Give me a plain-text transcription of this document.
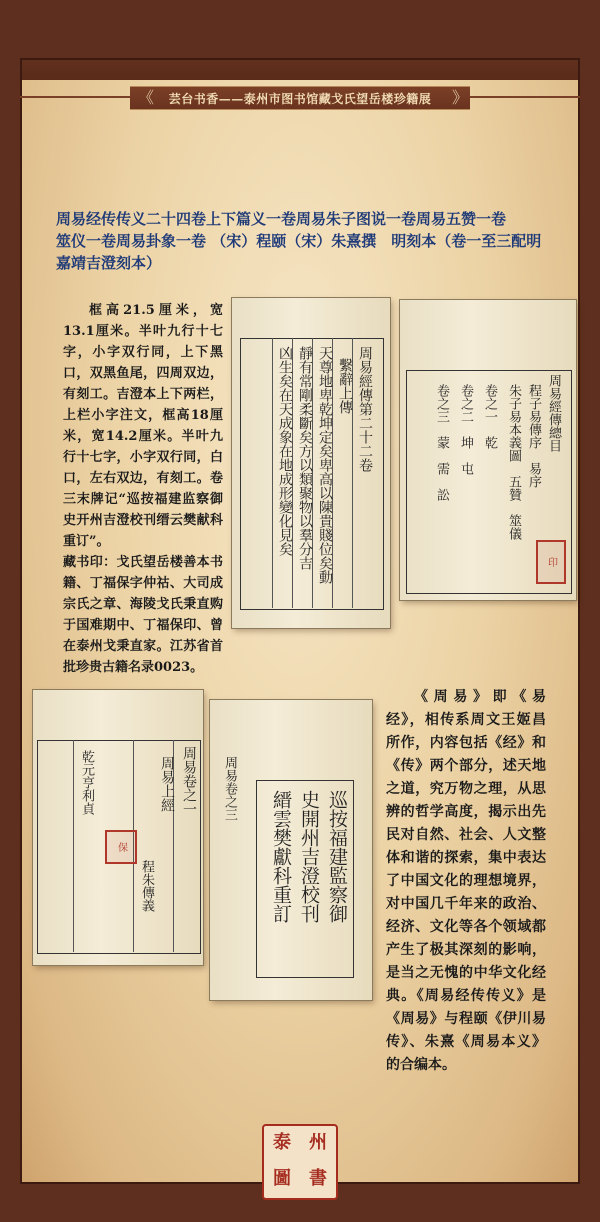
《 芸台书香——泰州市图书馆藏戈氏望岳楼珍籍展 》

周易经传传义二十四卷上下篇义一卷周易朱子图说一卷周易五赞一卷

筮仪一卷周易卦象一卷 （宋）程颐（宋）朱熹撰　明刻本（卷一至三配明

嘉靖吉澄刻本）

框高21.5厘米，宽13.1厘米。半叶九行十七字，小字双行同，上下黑口，双黑鱼尾，四周双边，有刻工。吉澄本上下两栏，上栏小字注文，框高18厘米，宽14.2厘米。半叶九行十七字，小字双行同，白口，左右双边，有刻工。卷三末牌记“巡按福建监察御史开州吉澄校刊缙云樊献科重订”。

藏书印：戈氏望岳楼善本书籍、丁福保字仲祜、大司成宗氏之章、海陵戈氏秉直购于国难期中、丁福保印、曾在泰州戈秉直家。江苏省首批珍贵古籍名录0023。

周易經傳第二十二卷
繫辭上傳
天尊地卑乾坤定矣卑高以陳貴賤位矣動
靜有常剛柔斷矣方以類聚物以羣分吉
凶生矣在天成象在地成形變化見矣	周易經傳總目
程子易傳序　易序
朱子易本義圖　五贊　筮儀
卷之一　乾
卷之二　坤　屯
卷之三　蒙　需　訟
印
周易卷之一
周易上經
程朱傳義
乾元亨利貞
保
周易卷之三
巡按福建監察御
史開州吉澄校刊
縉雲樊獻科重訂

《周易》即《易经》，相传系周文王姬昌所作，内容包括《经》和《传》两个部分，述天地之道，究万物之理，从思辨的哲学高度，揭示出先民对自然、社会、人文整体和谐的探索，集中表达了中国文化的理想境界，对中国几千年来的政治、经济、文化等各个领域都产生了极其深刻的影响，是当之无愧的中华文化经典。《周易经传传义》是《周易》与程颐《伊川易传》、朱熹《周易本义》的合编本。

泰	州
圖	書
